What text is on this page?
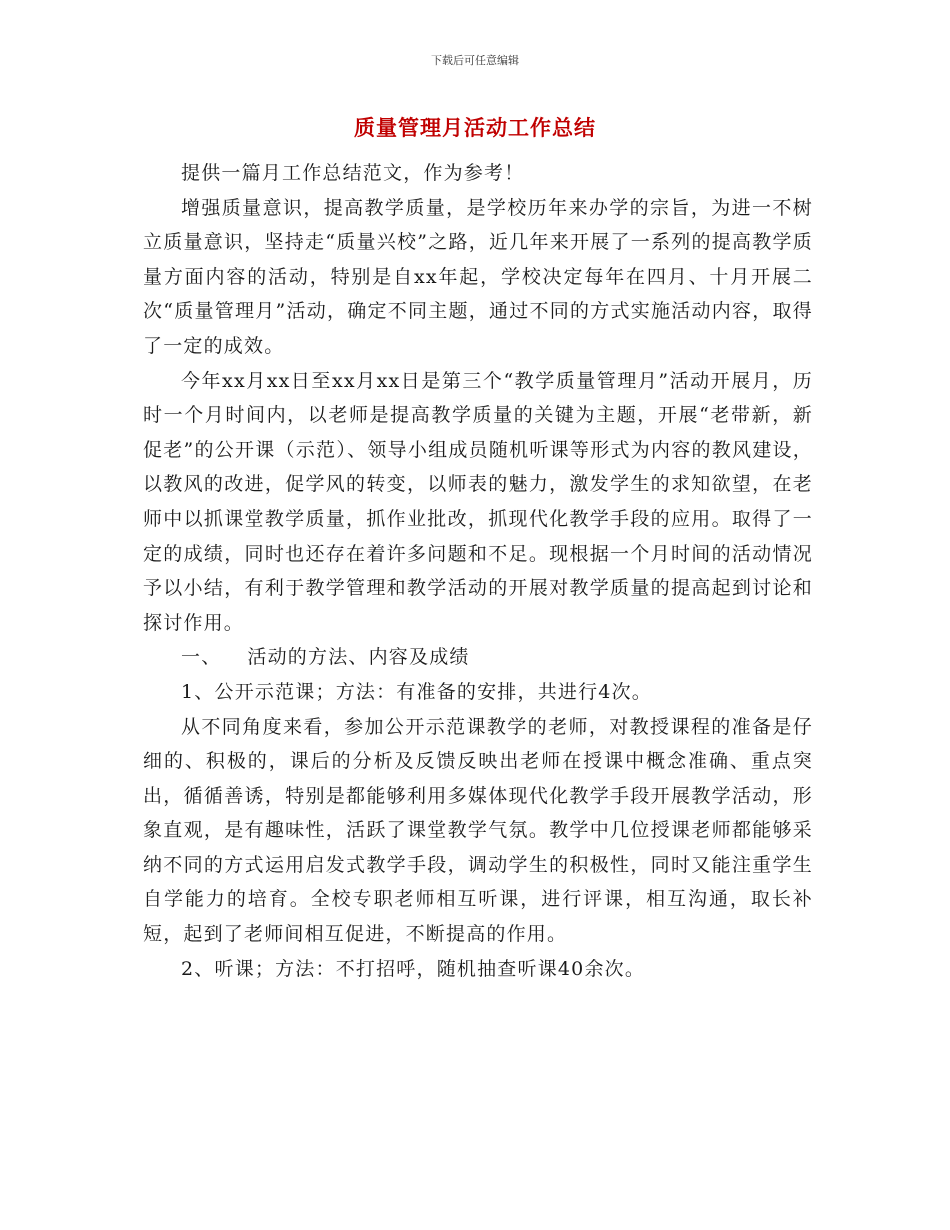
下载后可任意编辑
质量管理月活动工作总结

提供一篇月工作总结范文，作为参考！

增强质量意识，提高教学质量，是学校历年来办学的宗旨，为进一不树立质量意识，坚持走“质量兴校”之路，近几年来开展了一系列的提高教学质量方面内容的活动，特别是自xx年起，学校决定每年在四月、十月开展二次“质量管理月”活动，确定不同主题，通过不同的方式实施活动内容，取得了一定的成效。

今年xx月xx日至xx月xx日是第三个“教学质量管理月”活动开展月，历时一个月时间内，以老师是提高教学质量的关键为主题，开展“老带新，新促老”的公开课（示范）、领导小组成员随机听课等形式为内容的教风建设，以教风的改进，促学风的转变，以师表的魅力，激发学生的求知欲望，在老师中以抓课堂教学质量，抓作业批改，抓现代化教学手段的应用。取得了一定的成绩，同时也还存在着许多问题和不足。现根据一个月时间的活动情况予以小结，有利于教学管理和教学活动的开展对教学质量的提高起到讨论和探讨作用。

一、 活动的方法、内容及成绩

1、公开示范课；方法：有准备的安排，共进行4次。

从不同角度来看，参加公开示范课教学的老师，对教授课程的准备是仔细的、积极的，课后的分析及反馈反映出老师在授课中概念准确、重点突出，循循善诱，特别是都能够利用多媒体现代化教学手段开展教学活动，形象直观，是有趣味性，活跃了课堂教学气氛。教学中几位授课老师都能够采纳不同的方式运用启发式教学手段，调动学生的积极性，同时又能注重学生自学能力的培育。全校专职老师相互听课，进行评课，相互沟通，取长补短，起到了老师间相互促进，不断提高的作用。

2、听课；方法：不打招呼，随机抽查听课40余次。
